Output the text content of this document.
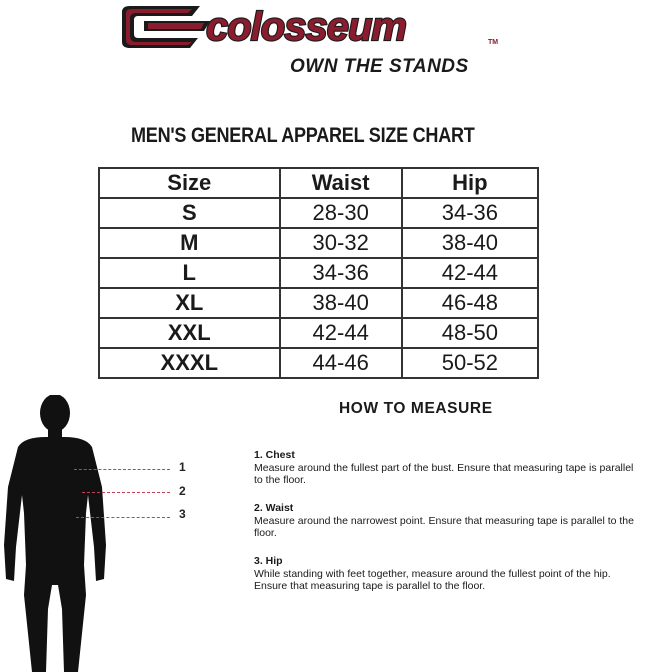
colosseum	TM
OWN THE STANDS
MEN'S GENERAL APPAREL SIZE CHART
Size	Waist	Hip
S	28-30	34-36
M	30-32	38-40
L	34-36	42-44
XL	38-40	46-48
XXL	42-44	48-50
XXXL	44-46	50-52
1
2
3
HOW TO MEASURE
1. Chest
Measure around the fullest part of the bust. Ensure that measuring tape is parallel to the floor.
2. Waist
Measure around the narrowest point. Ensure that measuring tape is parallel to the floor.
3. Hip
While standing with feet together, measure around the fullest point of the hip. Ensure that measuring tape is parallel to the floor.
